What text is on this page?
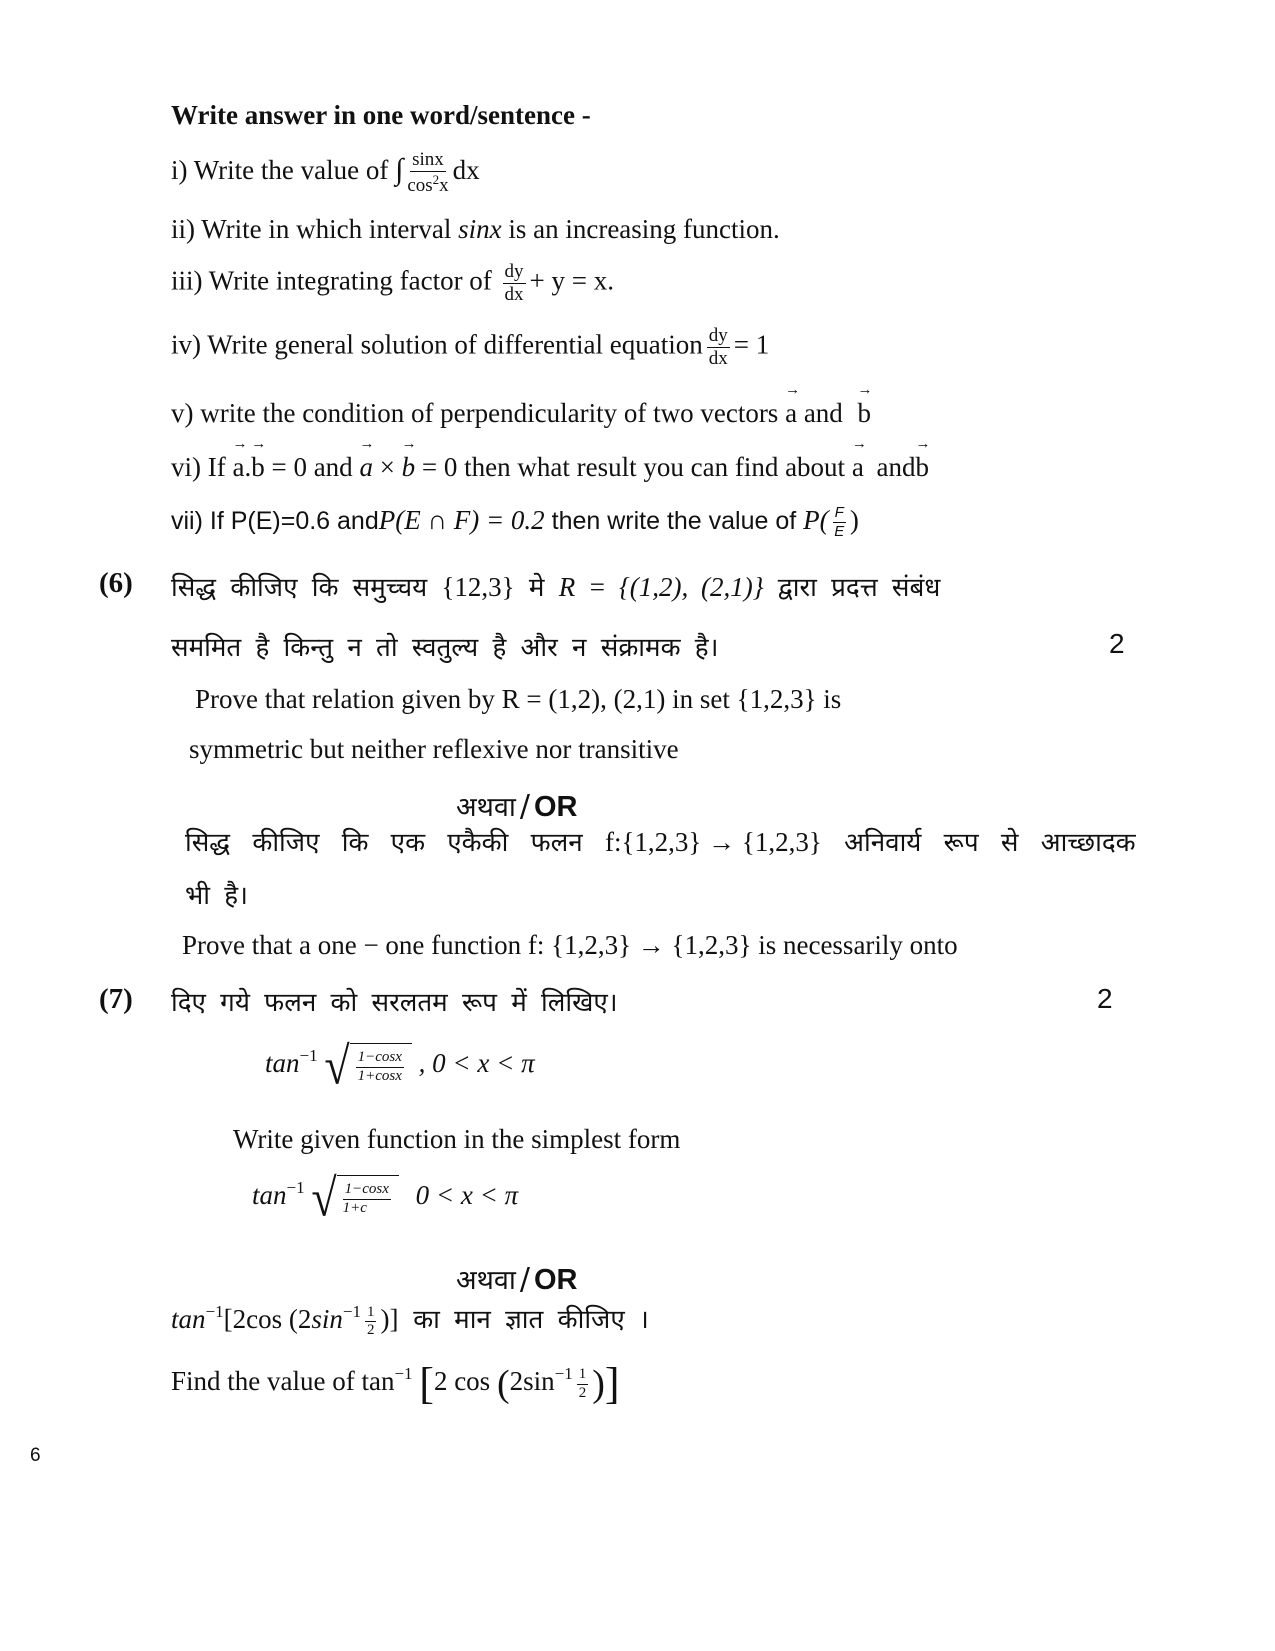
Write answer in one word/sentence -
i) Write the value of ∫ $\frac{\sin x}{\cos^2x}$ dx
ii) Write in which interval sinx is an increasing function.
iii) Write integrating factor of $\frac{dy}{dx} + y = x$.
iv) Write general solution of differential equation $\frac{dy}{dx} = 1$
v) write the condition of perpendicularity of two vectors → a and → b
vi) If → a.→ b = 0 and → a × → b = 0 then what result you can find about → a and→ b
vii) If P(E)=0.6 andP(E ∩ F) = 0.2 then write the value of $P( \frac{F}{E}$ )
(6) सिद्ध कीजिए कि समुच्चय {12,3} मे R = {(1,2), (2,1)} द्वारा प्रदत्त संबंध
सममित है किन्तु न तो स्वतुल्य है और न संक्रामक है।	2
Prove that relation given by R = (1,2), (2,1) in set {1,2,3} is
symmetric but neither reflexive nor transitive
अथवा / OR
सिद्ध कीजिए कि एक एकैकी फलन f:{1,2,3} → {1,2,3} अनिवार्य रूप से आच्छादक
भी है।
Prove that a one − one function f: {1,2,3} → {1,2,3} is necessarily onto
(7) दिए गये फलन को सरलतम रूप में लिखिए।	2
$\tan^{-1}$ √ $\frac{1-\cos x}{1+\cos x}$ , 0 < x < π
Write given function in the simplest form
$\tan^{-1}$ √ $\frac{1-\cos x}{1+c} 0 < x < \pi$
अथवा / OR
$\tan^{-1}[2\cos$ ($2\sin^{-1} \frac{1}{2}$ )] का मान ज्ञात कीजिए ।
Find the value of $\tan^{-1} [2$ $\cos (2\sin^{-1} \frac{1}{2}$ )]
6
